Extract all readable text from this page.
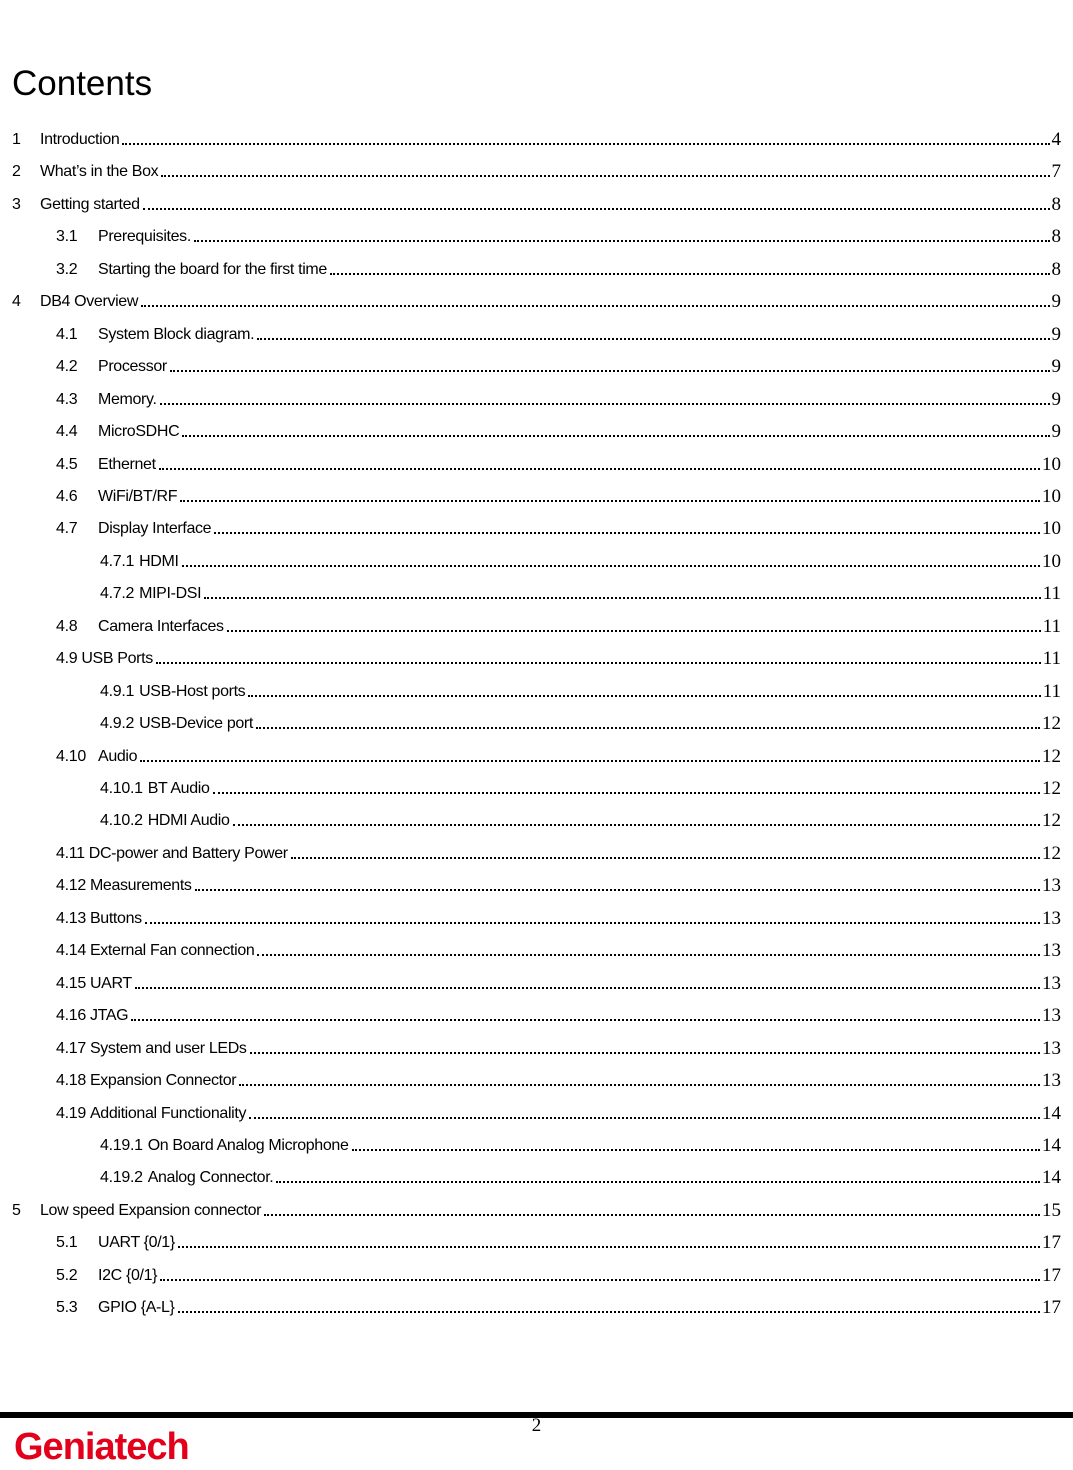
Contents
1	Introduction	4
2	What’s in the Box	7
3	Getting started	8
3.1	Prerequisites.	8
3.2	Starting the board for the first time	8
4	DB4 Overview	9
4.1	System Block diagram.	9
4.2	Processor	9
4.3	Memory.	9
4.4	MicroSDHC	9
4.5	Ethernet	10
4.6	WiFi/BT/RF	10
4.7	Display Interface	10
4.7.1 HDMI	10
4.7.2 MIPI-DSI	11
4.8	Camera Interfaces	11
4.9 USB Ports	11
4.9.1 USB-Host ports	11
4.9.2 USB-Device port	12
4.10 Audio	12
4.10.1 BT Audio	12
4.10.2 HDMI Audio	12
4.11 DC-power and Battery Power	12
4.12 Measurements	13
4.13 Buttons	13
4.14 External Fan connection	13
4.15 UART	13
4.16 JTAG	13
4.17 System and user LEDs	13
4.18 Expansion Connector	13
4.19 Additional Functionality	14
4.19.1 On Board Analog Microphone	14
4.19.2 Analog Connector.	14
5	Low speed Expansion connector	15
5.1	UART {0/1}	17
5.2	I2C {0/1}	17
5.3	GPIO {A-L}	17
2
Geniatech
